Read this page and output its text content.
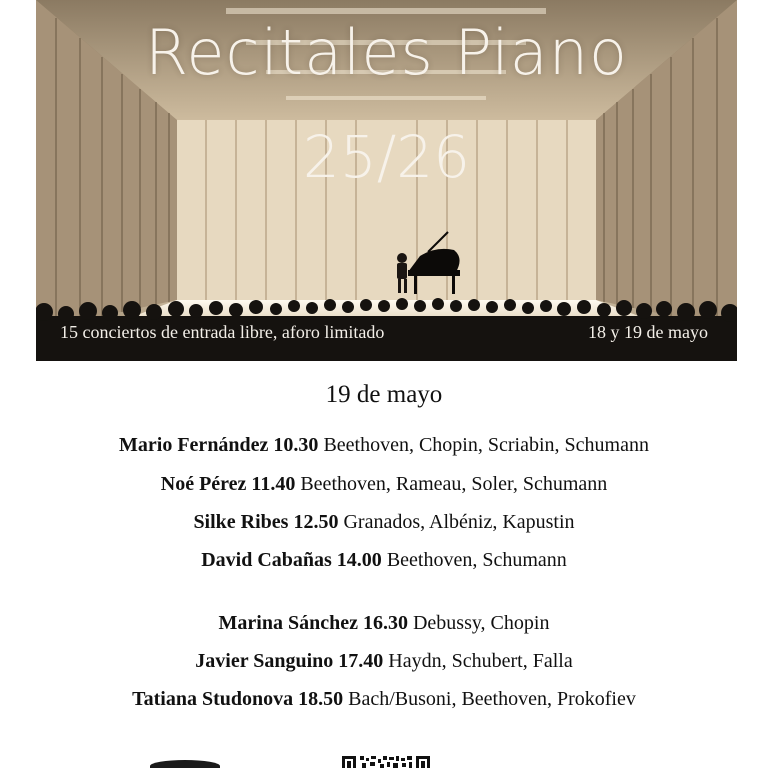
Recitales Piano
25/26
15 conciertos de entrada libre, aforo limitado	18 y 19 de mayo
19 de mayo
Mario Fernández 10.30 Beethoven, Chopin, Scriabin, Schumann
Noé Pérez 11.40 Beethoven, Rameau, Soler, Schumann
Silke Ribes 12.50 Granados, Albéniz, Kapustin
David Cabañas 14.00 Beethoven, Schumann
Marina Sánchez 16.30 Debussy, Chopin
Javier Sanguino 17.40 Haydn, Schubert, Falla
Tatiana Studonova 18.50 Bach/Busoni, Beethoven, Prokofiev
